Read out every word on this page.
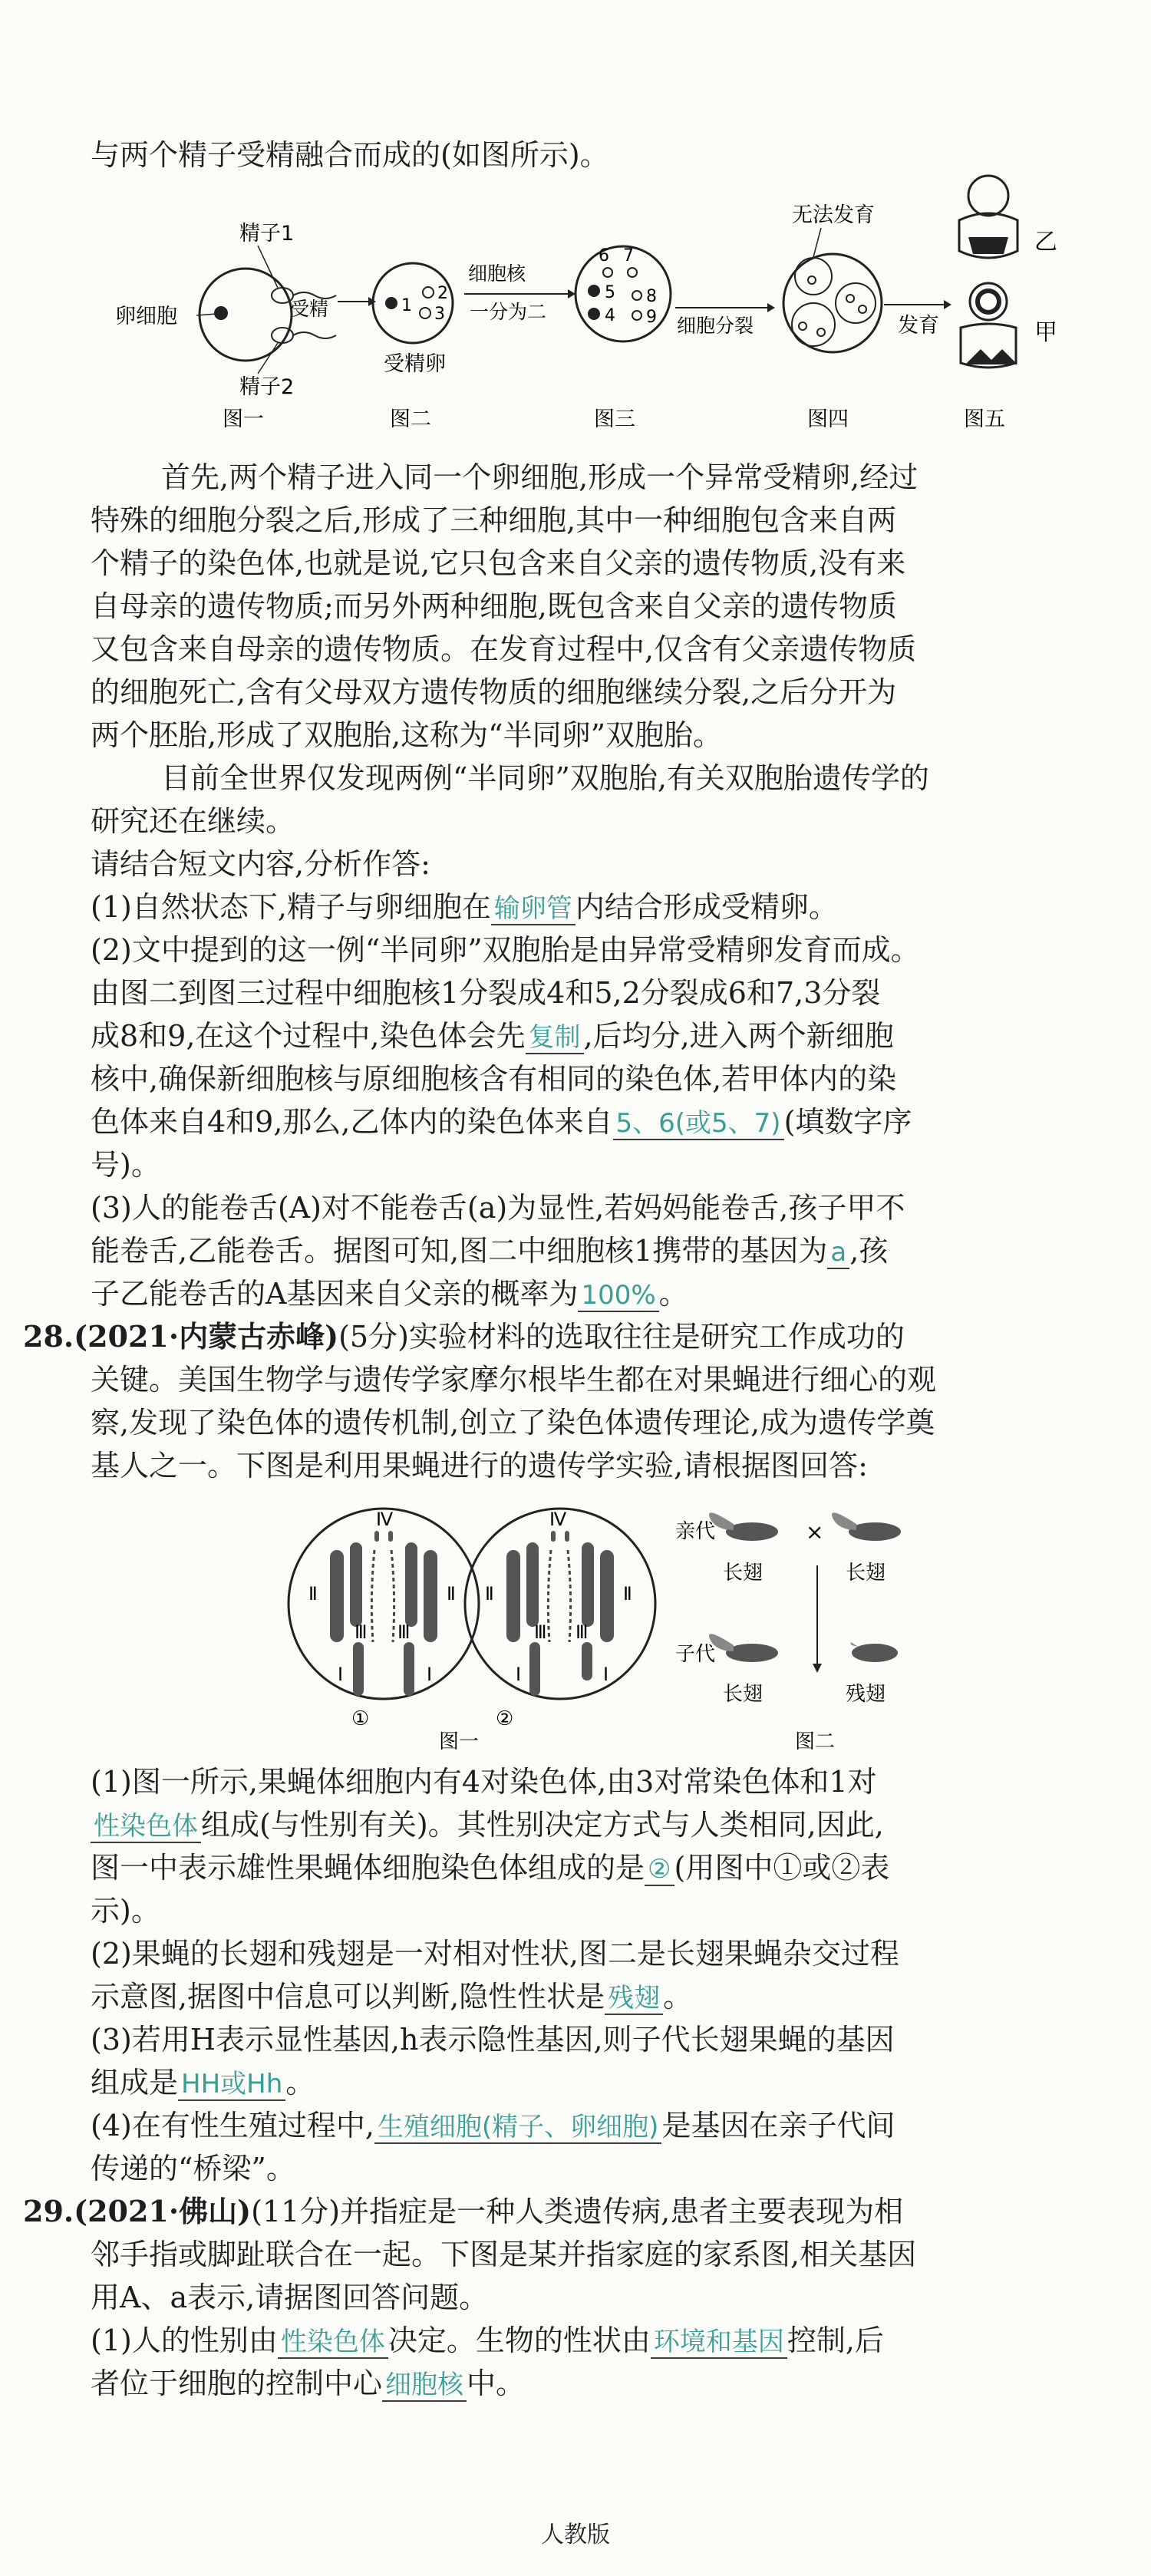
与两个精子受精融合而成的(如图所示)。
精子1
精子2
卵细胞	受精	1
2
3
受精卵
细胞核
一分为二
6 7
5
4
8
9 细胞分裂
无法发育
发育
乙
甲
图一	图二	图三	图四	图五
首先,两个精子进入同一个卵细胞,形成一个异常受精卵,经过
特殊的细胞分裂之后,形成了三种细胞,其中一种细胞包含来自两
个精子的染色体,也就是说,它只包含来自父亲的遗传物质,没有来
自母亲的遗传物质;而另外两种细胞,既包含来自父亲的遗传物质
又包含来自母亲的遗传物质。在发育过程中,仅含有父亲遗传物质
的细胞死亡,含有父母双方遗传物质的细胞继续分裂,之后分开为
两个胚胎,形成了双胞胎,这称为“半同卵”双胞胎。
目前全世界仅发现两例“半同卵”双胞胎,有关双胞胎遗传学的
研究还在继续。
请结合短文内容,分析作答:
(1)自然状态下,精子与卵细胞在 输卵管 内结合形成受精卵。
(2)文中提到的这一例“半同卵”双胞胎是由异常受精卵发育而成。
由图二到图三过程中细胞核1分裂成4和5,2分裂成6和7,3分裂
成8和9,在这个过程中,染色体会先 复制 ,后均分,进入两个新细胞
核中,确保新细胞核与原细胞核含有相同的染色体,若甲体内的染
色体来自4和9,那么,乙体内的染色体来自 5、6(或5、7) (填数字序
号)。
(3)人的能卷舌(A)对不能卷舌(a)为显性,若妈妈能卷舌,孩子甲不
能卷舌,乙能卷舌。据图可知,图二中细胞核1携带的基因为 a ,孩
子乙能卷舌的A基因来自父亲的概率为 100% 。
28.(2021·内蒙古赤峰)(5分)实验材料的选取往往是研究工作成功的
关键。美国生物学与遗传学家摩尔根毕生都在对果蝇进行细心的观
察,发现了染色体的遗传机制,创立了染色体遗传理论,成为遗传学奠
基人之一。下图是利用果蝇进行的遗传学实验,请根据图回答:
Ⅳ
Ⅱ	Ⅱ
Ⅲ Ⅲ
Ⅰ	Ⅰ
①
Ⅳ
Ⅱ	Ⅱ
Ⅲ Ⅲ
Ⅰ	Ⅰ
②
亲代	×
长翅	长翅
子代
长翅	残翅
图一	图二
(1)图一所示,果蝇体细胞内有4对染色体,由3对常染色体和1对
性染色体 组成(与性别有关)。其性别决定方式与人类相同,因此,
图一中表示雄性果蝇体细胞染色体组成的是 ② (用图中①或②表
示)。
(2)果蝇的长翅和残翅是一对相对性状,图二是长翅果蝇杂交过程
示意图,据图中信息可以判断,隐性性状是 残翅 。
(3)若用H表示显性基因,h表示隐性基因,则子代长翅果蝇的基因
组成是 HH或Hh 。
(4)在有性生殖过程中, 生殖细胞(精子、卵细胞) 是基因在亲子代间
传递的“桥梁”。
29.(2021·佛山)(11分)并指症是一种人类遗传病,患者主要表现为相
邻手指或脚趾联合在一起。下图是某并指家庭的家系图,相关基因
用A、a表示,请据图回答问题。
(1)人的性别由 性染色体 决定。生物的性状由 环境和基因 控制,后
者位于细胞的控制中心 细胞核 中。
人教版
